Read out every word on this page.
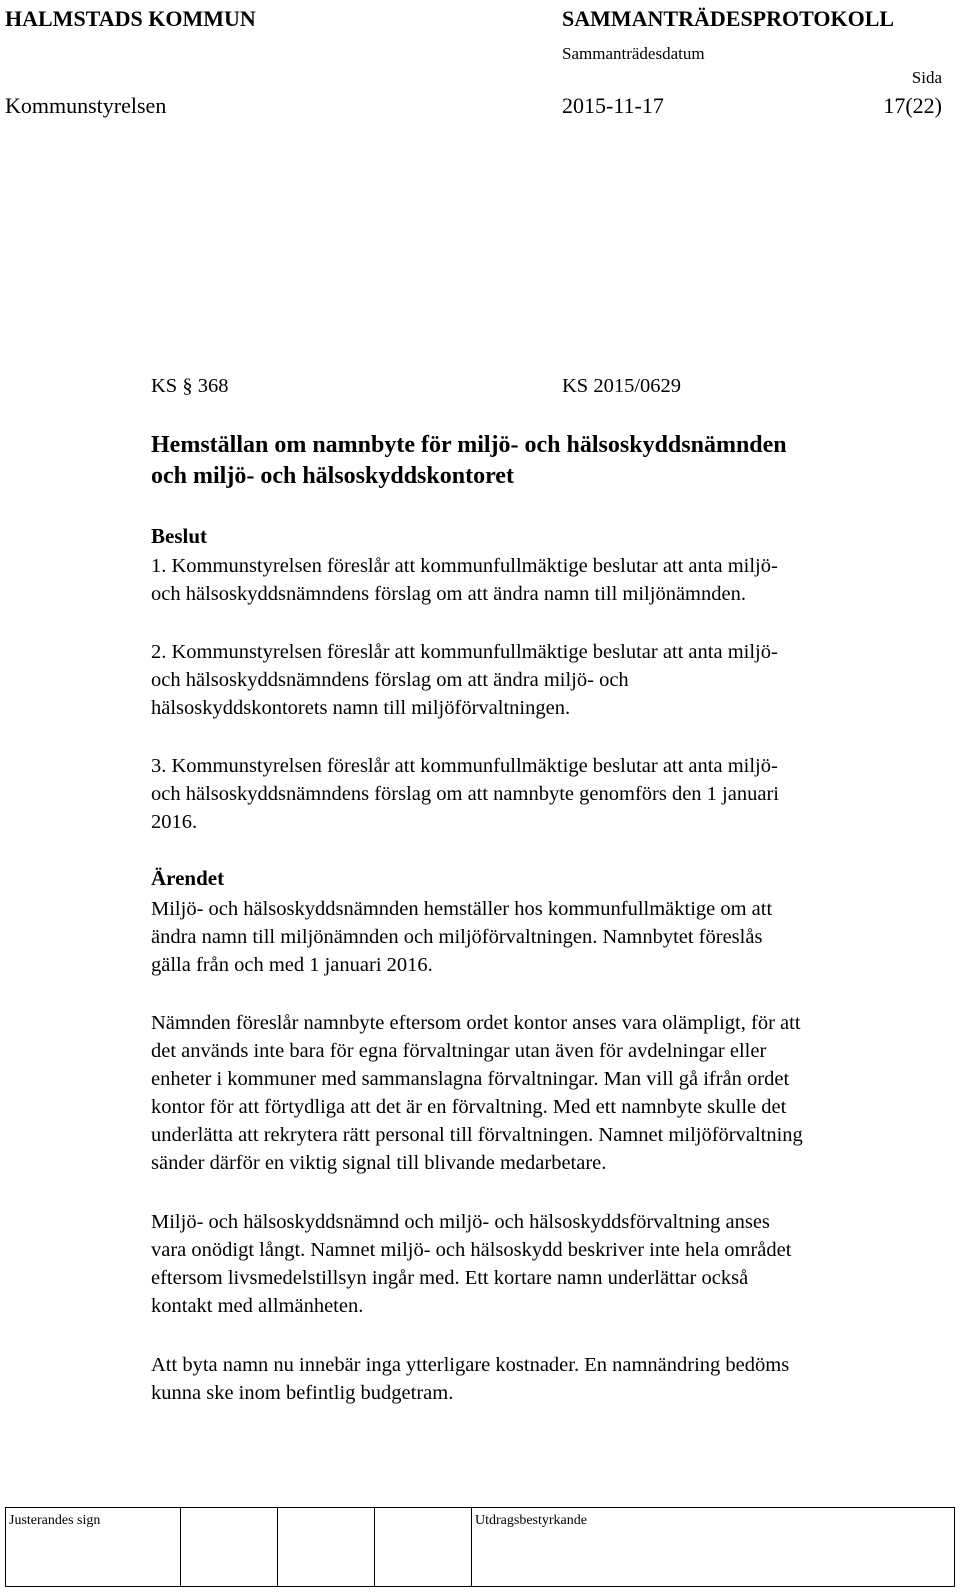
HALMSTADS KOMMUN	SAMMANTRÄDESPROTOKOLL
Sammanträdesdatum
Sida
Kommunstyrelsen	2015-11-17	17(22)
KS § 368	KS 2015/0629
Hemställan om namnbyte för miljö- och hälsoskyddsnämnden
och miljö- och hälsoskyddskontoret
Beslut
1. Kommunstyrelsen föreslår att kommunfullmäktige beslutar att anta miljö-
och hälsoskyddsnämndens förslag om att ändra namn till miljönämnden.
2. Kommunstyrelsen föreslår att kommunfullmäktige beslutar att anta miljö-
och hälsoskyddsnämndens förslag om att ändra miljö- och
hälsoskyddskontorets namn till miljöförvaltningen.
3. Kommunstyrelsen föreslår att kommunfullmäktige beslutar att anta miljö-
och hälsoskyddsnämndens förslag om att namnbyte genomförs den 1 januari
2016.
Ärendet
Miljö- och hälsoskyddsnämnden hemställer hos kommunfullmäktige om att
ändra namn till miljönämnden och miljöförvaltningen. Namnbytet föreslås
gälla från och med 1 januari 2016.
Nämnden föreslår namnbyte eftersom ordet kontor anses vara olämpligt, för att
det används inte bara för egna förvaltningar utan även för avdelningar eller
enheter i kommuner med sammanslagna förvaltningar. Man vill gå ifrån ordet
kontor för att förtydliga att det är en förvaltning. Med ett namnbyte skulle det
underlätta att rekrytera rätt personal till förvaltningen. Namnet miljöförvaltning
sänder därför en viktig signal till blivande medarbetare.
Miljö- och hälsoskyddsnämnd och miljö- och hälsoskyddsförvaltning anses
vara onödigt långt. Namnet miljö- och hälsoskydd beskriver inte hela området
eftersom livsmedelstillsyn ingår med. Ett kortare namn underlättar också
kontakt med allmänheten.
Att byta namn nu innebär inga ytterligare kostnader. En namnändring bedöms
kunna ske inom befintlig budgetram.
Justerandes sign				Utdragsbestyrkande
